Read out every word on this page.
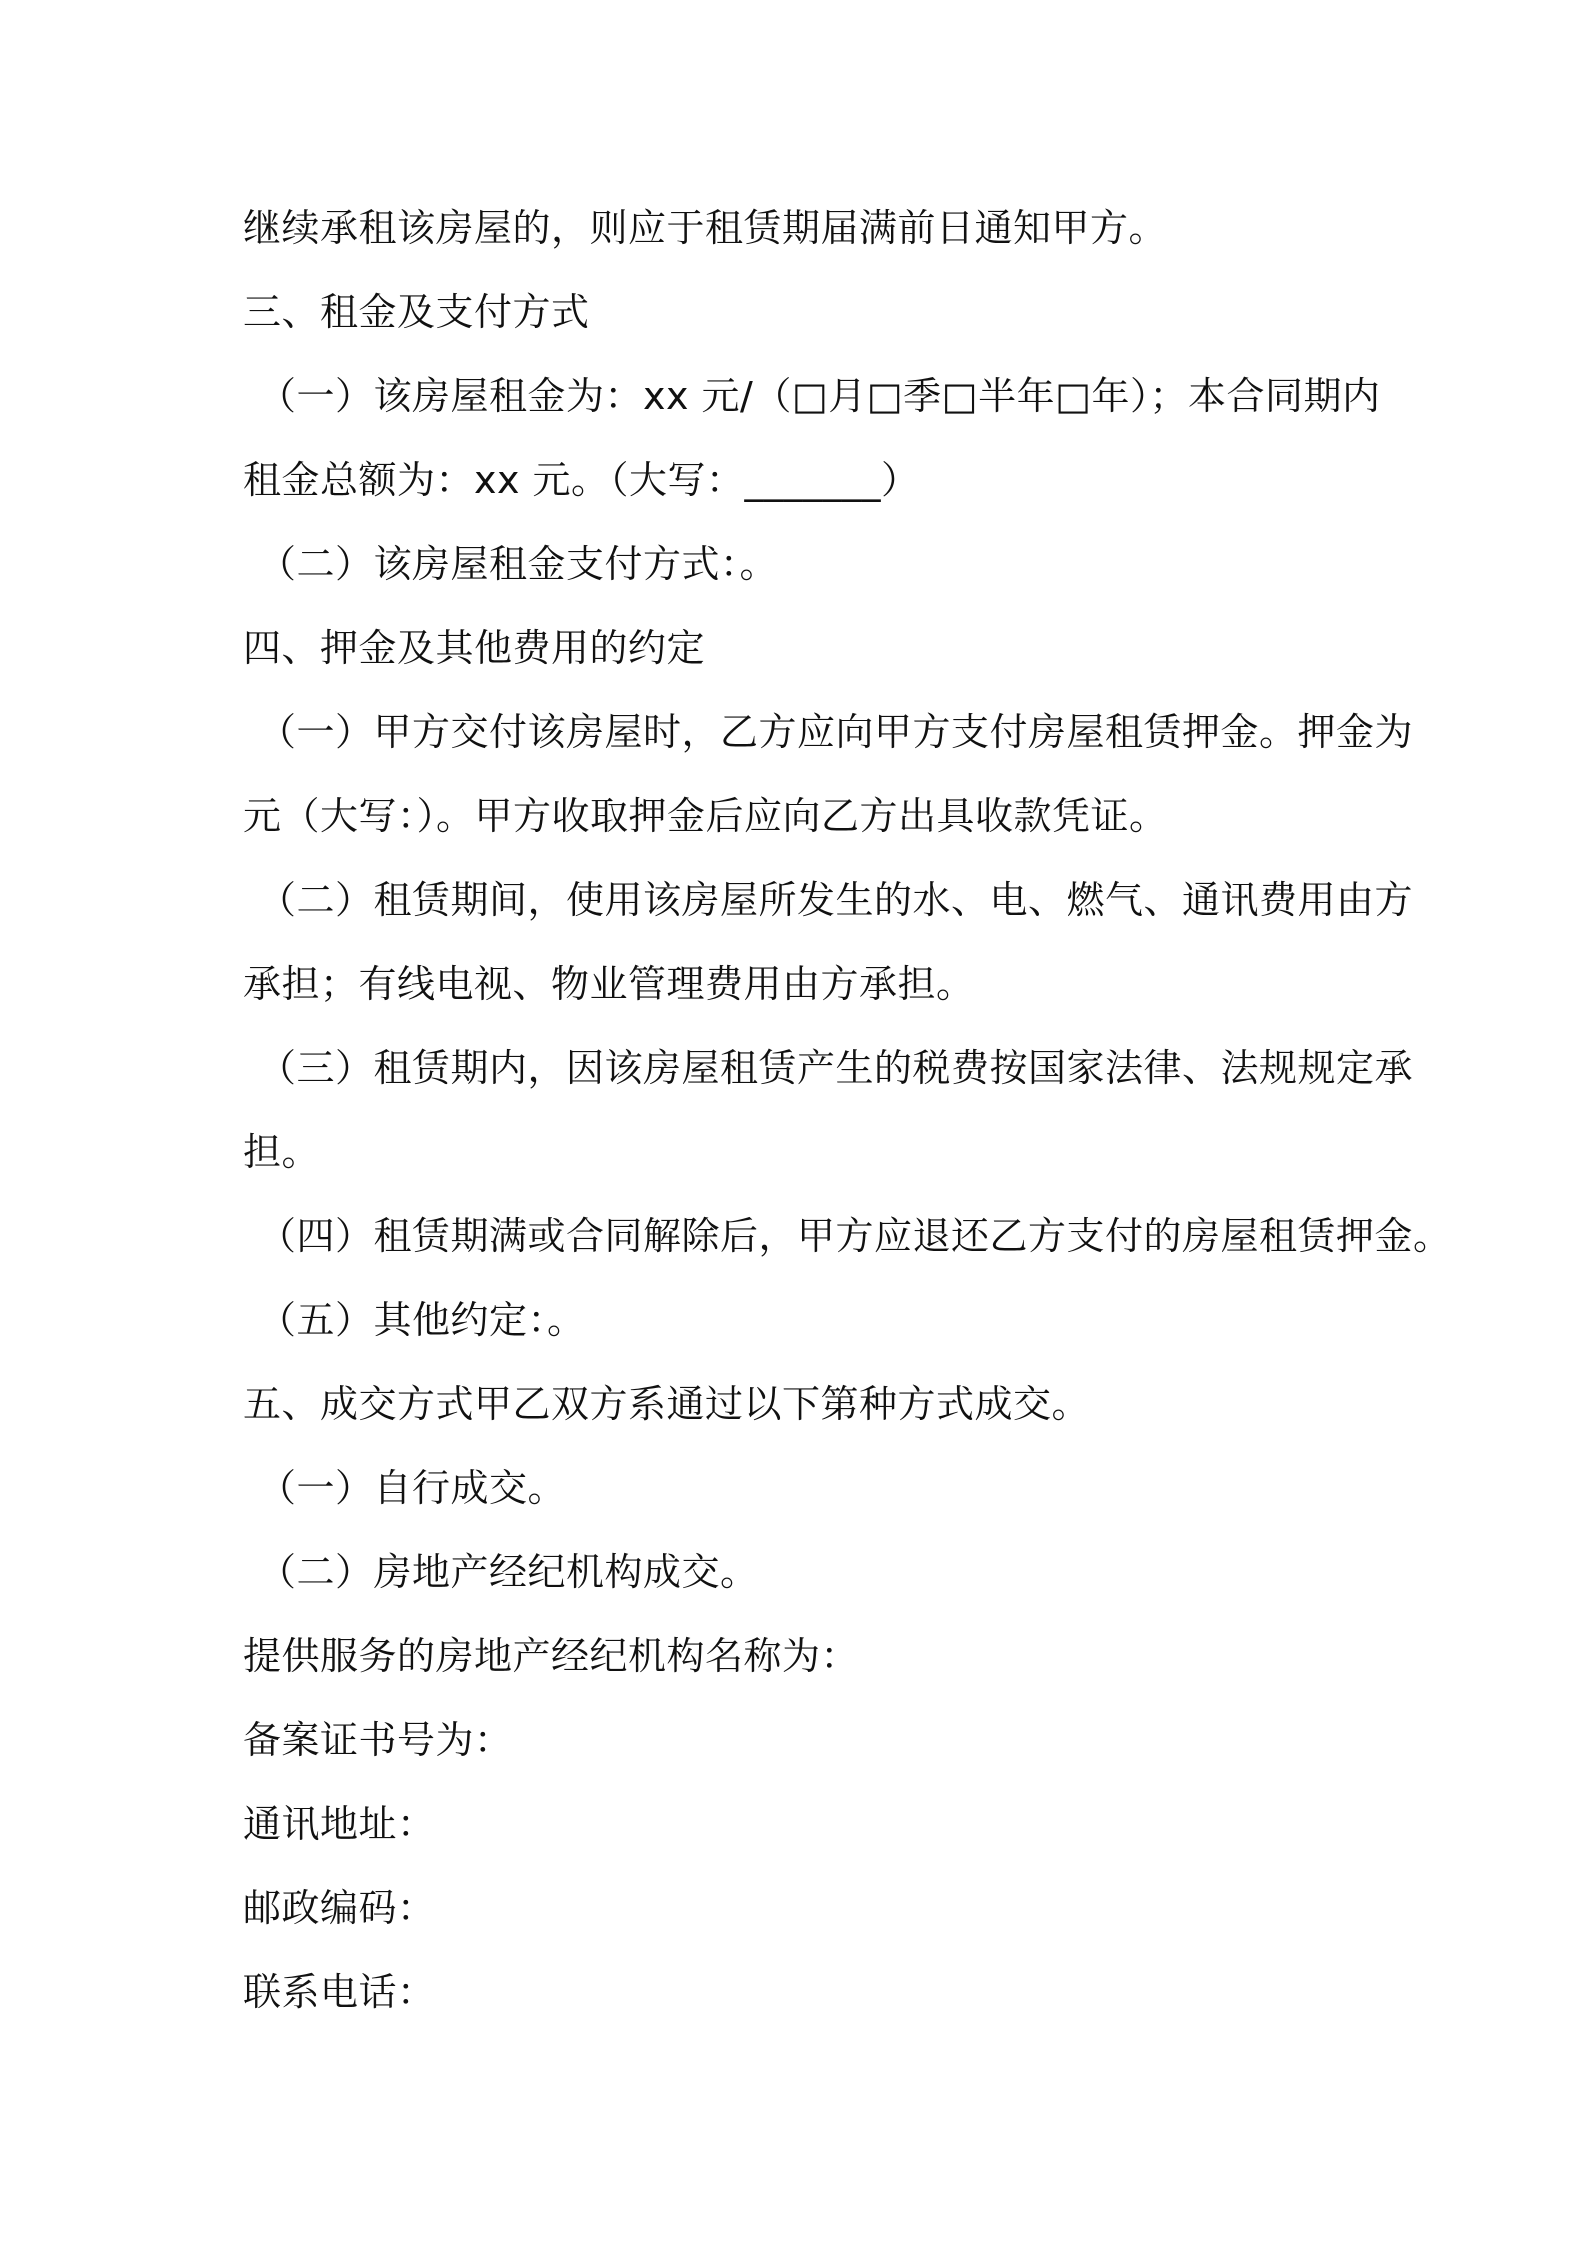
继续承租该房屋的，则应于租赁期届满前日通知甲方。
三、租金及支付方式
（一）该房屋租金为：xx 元/（□月□季□半年□年）；本合同期内
租金总额为：xx 元。（大写：_______）
（二）该房屋租金支付方式：。
四、押金及其他费用的约定
（一）甲方交付该房屋时，乙方应向甲方支付房屋租赁押金。押金为
元（大写：）。甲方收取押金后应向乙方出具收款凭证。
（二）租赁期间，使用该房屋所发生的水、电、燃气、通讯费用由方
承担；有线电视、物业管理费用由方承担。
（三）租赁期内，因该房屋租赁产生的税费按国家法律、法规规定承
担。
（四）租赁期满或合同解除后，甲方应退还乙方支付的房屋租赁押金。
（五）其他约定：。
五、成交方式甲乙双方系通过以下第种方式成交。
（一）自行成交。
（二）房地产经纪机构成交。
提供服务的房地产经纪机构名称为：
备案证书号为：
通讯地址：
邮政编码：
联系电话：
